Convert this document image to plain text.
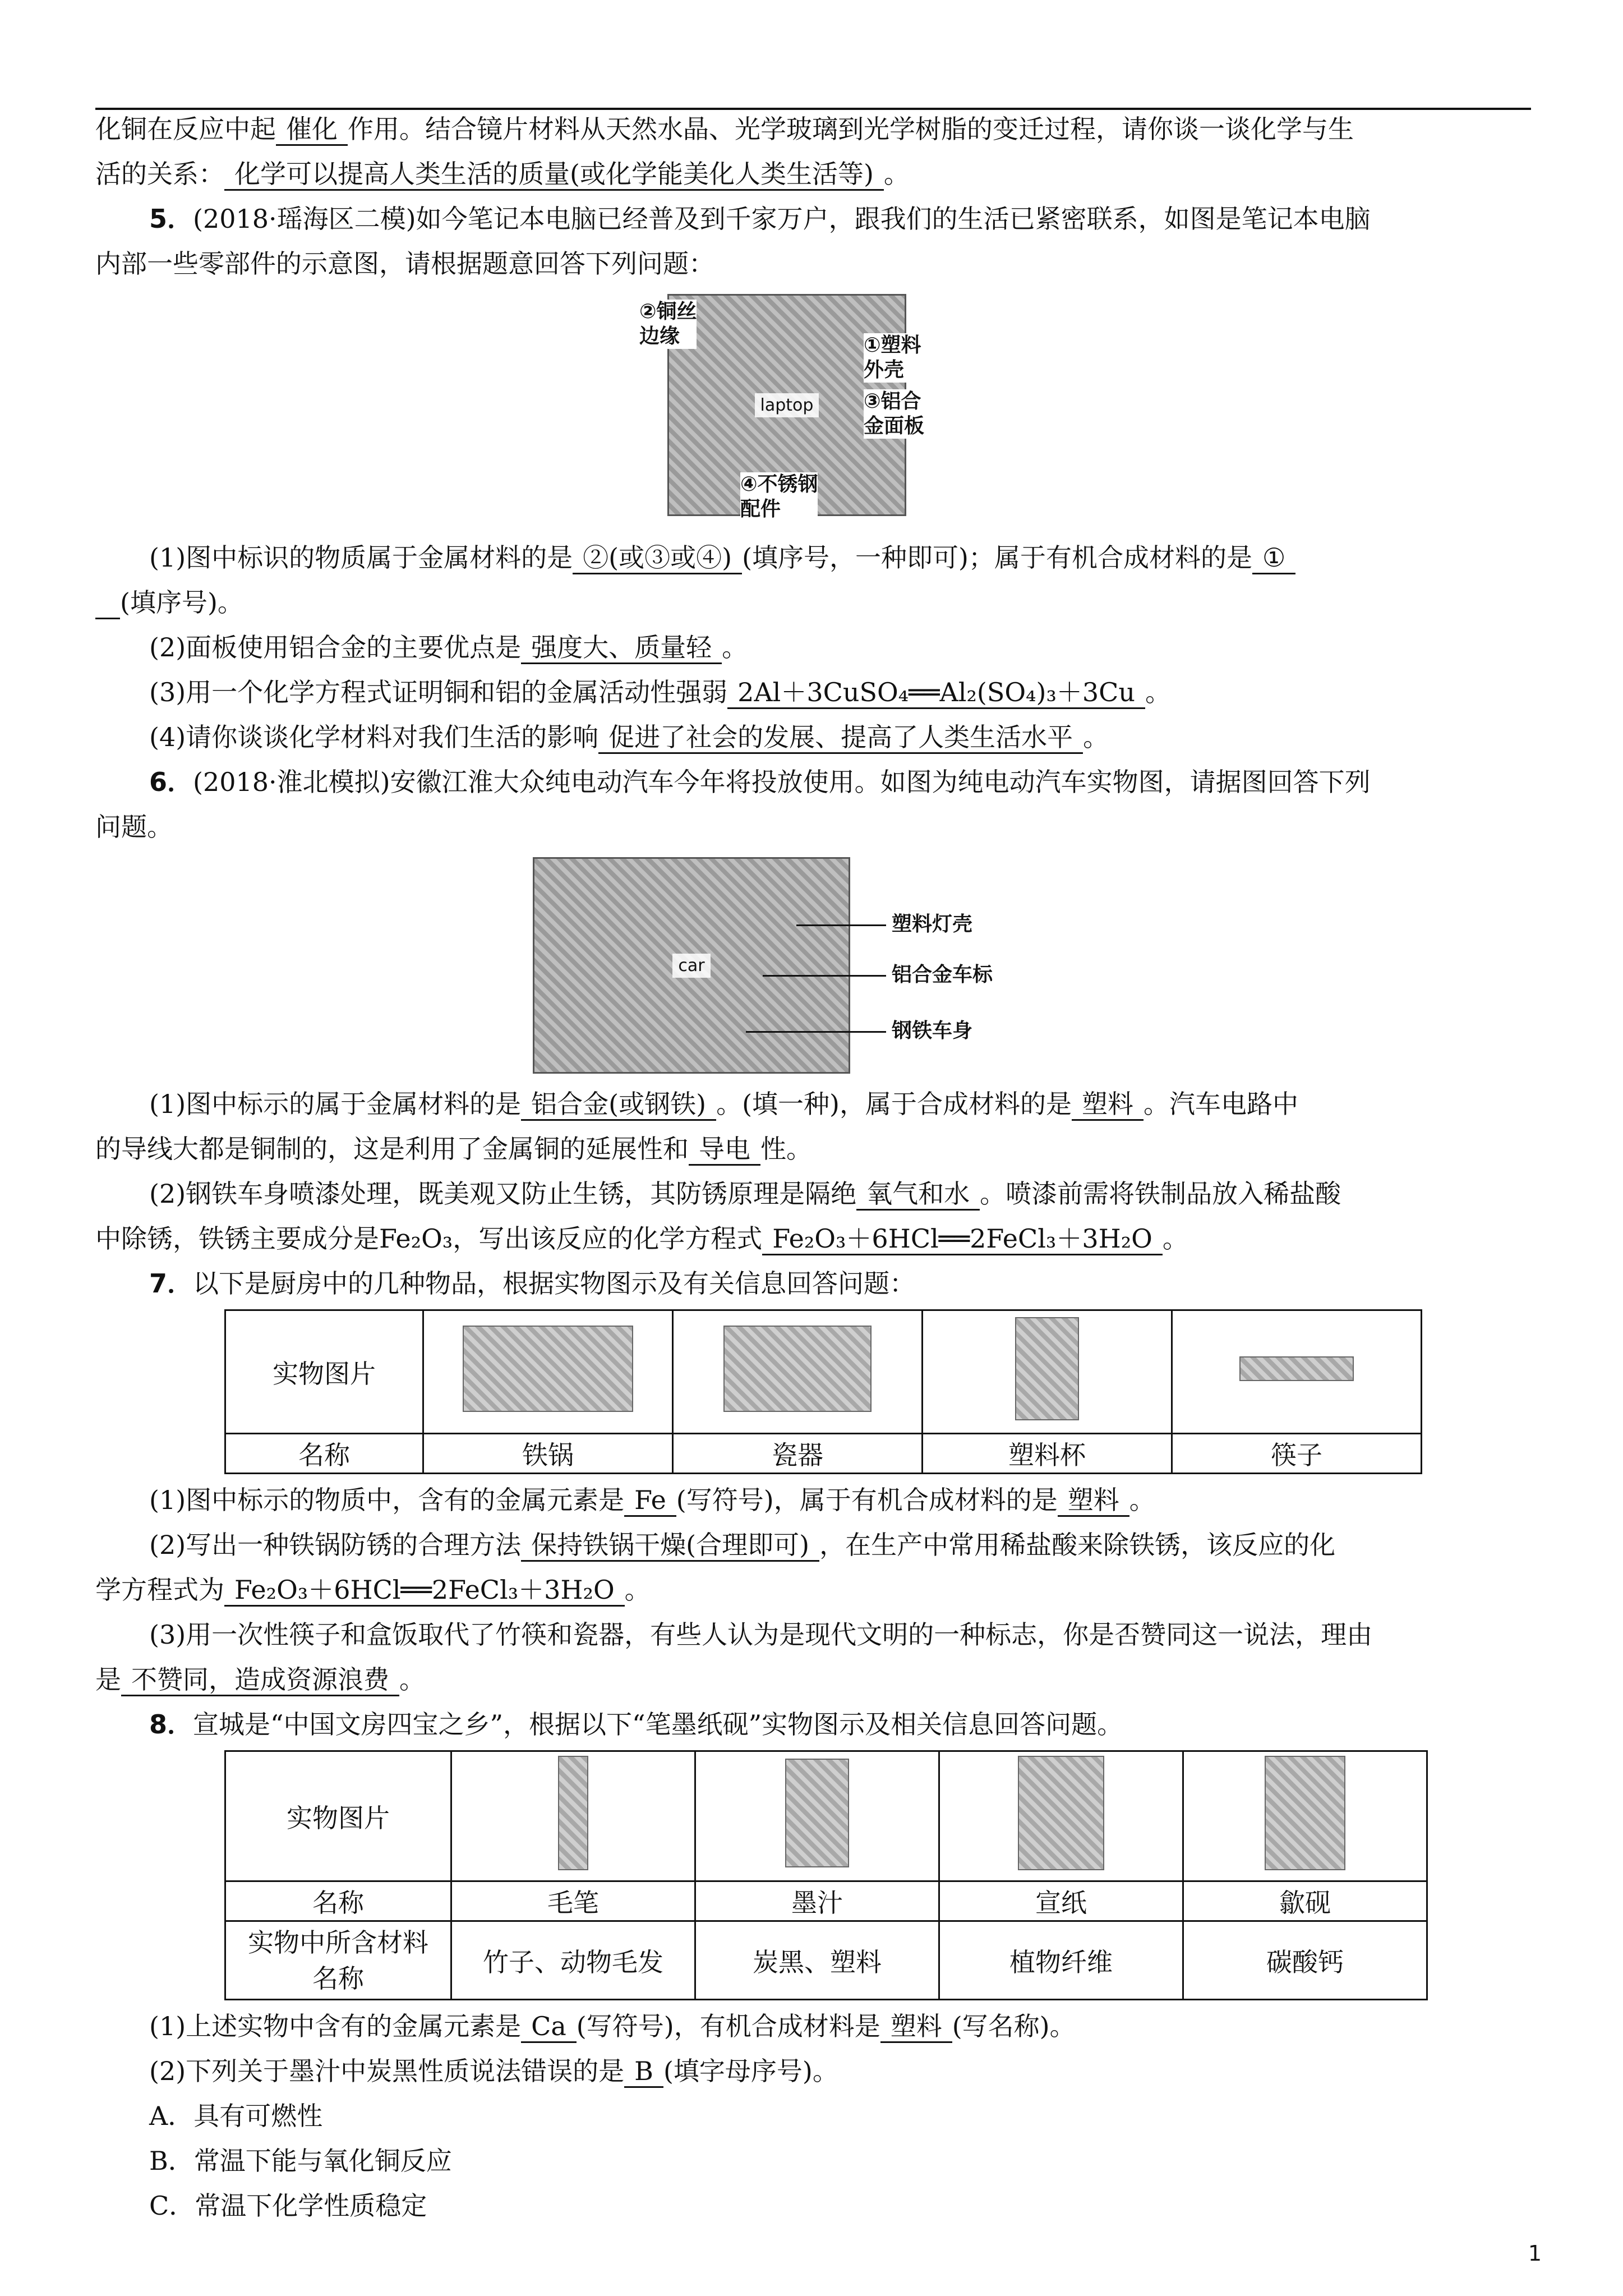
化铜在反应中起 催化 作用。结合镜片材料从天然水晶、光学玻璃到光学树脂的变迁过程，请你谈一谈化学与生
活的关系： 化学可以提高人类生活的质量(或化学能美化人类生活等) 。
5．(2018·瑶海区二模)如今笔记本电脑已经普及到千家万户，跟我们的生活已紧密联系，如图是笔记本电脑
内部一些零部件的示意图，请根据题意回答下列问题：
laptop
②铜丝
边缘	①塑料
外壳
③铝合
金面板
④不锈钢
配件
(1)图中标识的物质属于金属材料的是 ②(或③或④) (填序号，一种即可)；属于有机合成材料的是 ①
(填序号)。
(2)面板使用铝合金的主要优点是 强度大、质量轻 。
(3)用一个化学方程式证明铜和铝的金属活动性强弱 2Al＋3CuSO₄══Al₂(SO₄)₃＋3Cu 。
(4)请你谈谈化学材料对我们生活的影响 促进了社会的发展、提高了人类生活水平 。
6．(2018·淮北模拟)安徽江淮大众纯电动汽车今年将投放使用。如图为纯电动汽车实物图，请据图回答下列
问题。
car
塑料灯壳
铝合金车标
钢铁车身
(1)图中标示的属于金属材料的是 铝合金(或钢铁) 。(填一种)，属于合成材料的是 塑料 。汽车电路中
的导线大都是铜制的，这是利用了金属铜的延展性和 导电 性。
(2)钢铁车身喷漆处理，既美观又防止生锈，其防锈原理是隔绝 氧气和水 。喷漆前需将铁制品放入稀盐酸
中除锈，铁锈主要成分是Fe₂O₃，写出该反应的化学方程式 Fe₂O₃＋6HCl══2FeCl₃＋3H₂O 。
7．以下是厨房中的几种物品，根据实物图示及有关信息回答问题：
实物图片				
名称	铁锅	瓷器	塑料杯	筷子
(1)图中标示的物质中，含有的金属元素是 Fe (写符号)，属于有机合成材料的是 塑料 。
(2)写出一种铁锅防锈的合理方法 保持铁锅干燥(合理即可) ，在生产中常用稀盐酸来除铁锈，该反应的化
学方程式为 Fe₂O₃＋6HCl══2FeCl₃＋3H₂O 。
(3)用一次性筷子和盒饭取代了竹筷和瓷器，有些人认为是现代文明的一种标志，你是否赞同这一说法，理由
是 不赞同，造成资源浪费 。
8．宣城是“中国文房四宝之乡”，根据以下“笔墨纸砚”实物图示及相关信息回答问题。
实物图片				
名称	毛笔	墨汁	宣纸	歙砚
实物中所含材料名称	竹子、动物毛发	炭黑、塑料	植物纤维	碳酸钙
(1)上述实物中含有的金属元素是 Ca (写符号)，有机合成材料是 塑料 (写名称)。
(2)下列关于墨汁中炭黑性质说法错误的是 B (填字母序号)。
A．具有可燃性
B．常温下能与氧化铜反应
C．常温下化学性质稳定
1
